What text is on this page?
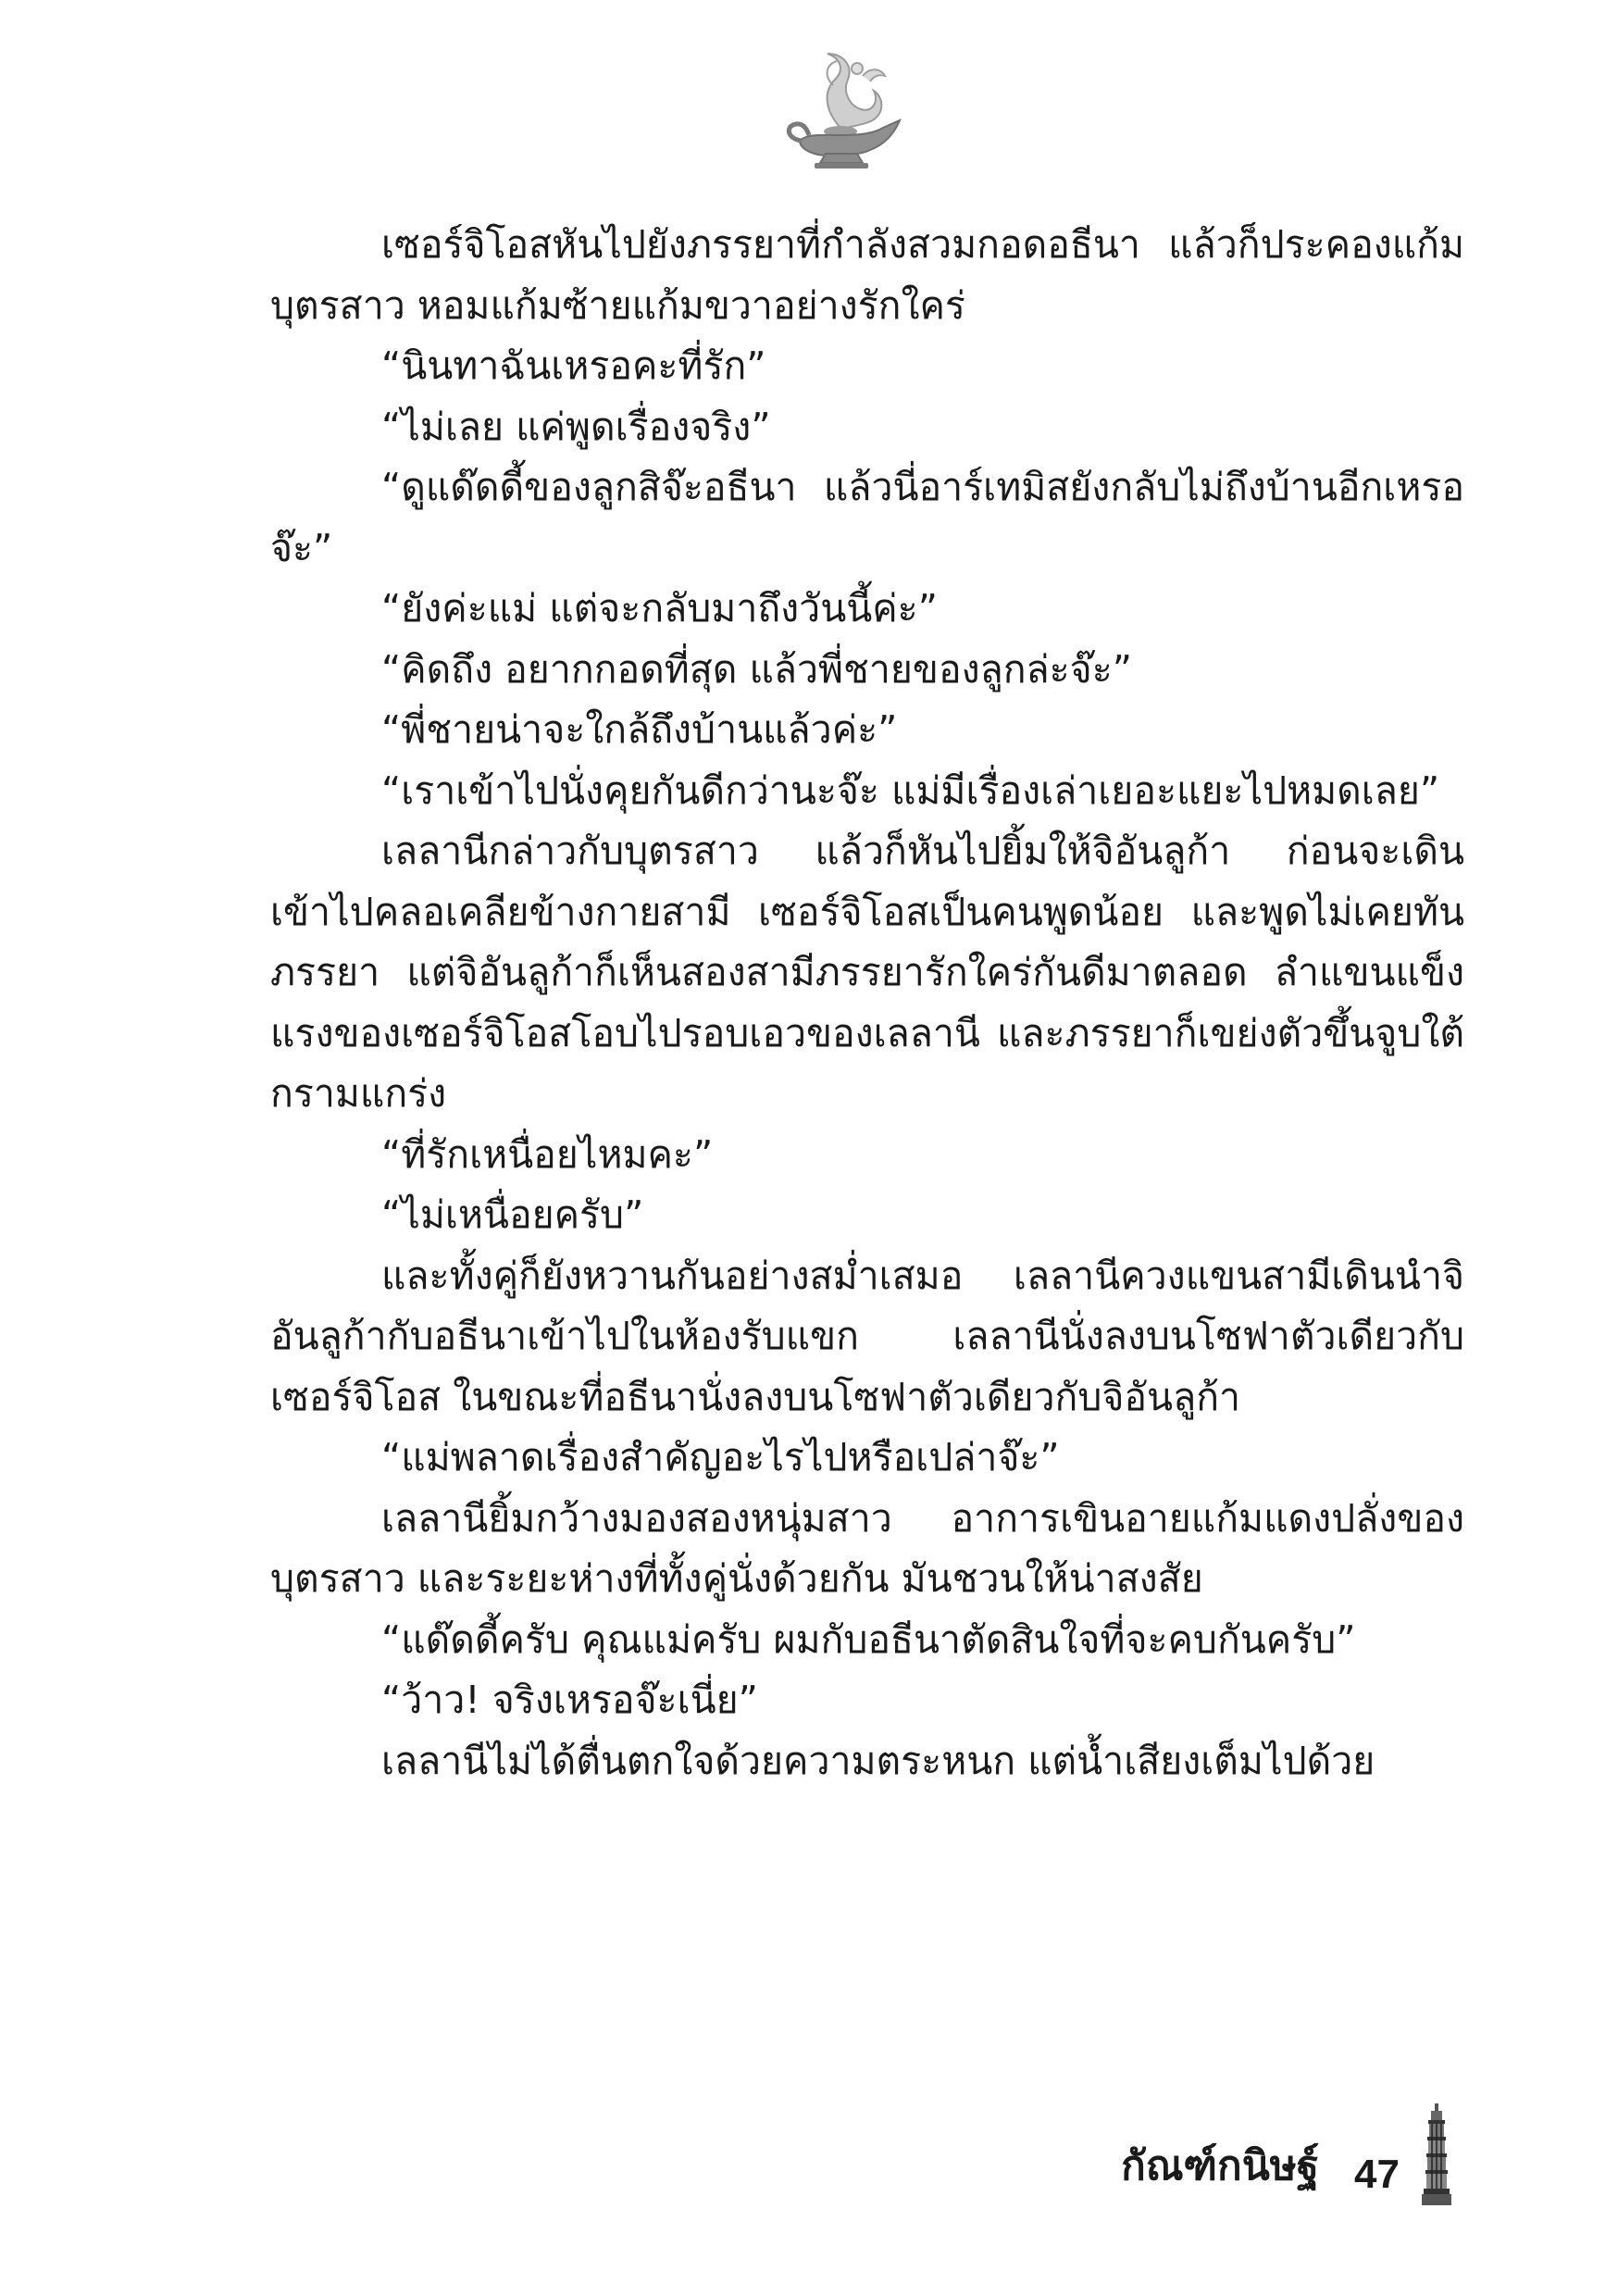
เซอร์จิโอสหันไปยังภรรยาที่กำลังสวมกอดอธีนา แล้วก็ประคองแก้มบุตรสาว หอมแก้มซ้ายแก้มขวาอย่างรักใคร่

“นินทาฉันเหรอคะที่รัก”

“ไม่เลย แค่พูดเรื่องจริง”

“ดูแด๊ดดี้ของลูกสิจ๊ะอธีนา แล้วนี่อาร์เทมิสยังกลับไม่ถึงบ้านอีกเหรอจ๊ะ”

“ยังค่ะแม่ แต่จะกลับมาถึงวันนี้ค่ะ”

“คิดถึง อยากกอดที่สุด แล้วพี่ชายของลูกล่ะจ๊ะ”

“พี่ชายน่าจะใกล้ถึงบ้านแล้วค่ะ”

“เราเข้าไปนั่งคุยกันดีกว่านะจ๊ะ แม่มีเรื่องเล่าเยอะแยะไปหมดเลย”

เลลานีกล่าวกับบุตรสาว แล้วก็หันไปยิ้มให้จิอันลูก้า ก่อนจะเดินเข้าไปคลอเคลียข้างกายสามี เซอร์จิโอสเป็นคนพูดน้อย และพูดไม่เคยทันภรรยา แต่จิอันลูก้าก็เห็นสองสามีภรรยารักใคร่กันดีมาตลอด ลำแขนแข็งแรงของเซอร์จิโอสโอบไปรอบเอวของเลลานี และภรรยาก็เขย่งตัวขึ้นจูบใต้กรามแกร่ง

“ที่รักเหนื่อยไหมคะ”

“ไม่เหนื่อยครับ”

และทั้งคู่ก็ยังหวานกันอย่างสม่ำเสมอ เลลานีควงแขนสามีเดินนำจิอันลูก้ากับอธีนาเข้าไปในห้องรับแขก เลลานีนั่งลงบนโซฟาตัวเดียวกับเซอร์จิโอส ในขณะที่อธีนานั่งลงบนโซฟาตัวเดียวกับจิอันลูก้า

“แม่พลาดเรื่องสำคัญอะไรไปหรือเปล่าจ๊ะ”

เลลานียิ้มกว้างมองสองหนุ่มสาว อาการเขินอายแก้มแดงปลั่งของบุตรสาว และระยะห่างที่ทั้งคู่นั่งด้วยกัน มันชวนให้น่าสงสัย

“แด๊ดดี้ครับ คุณแม่ครับ ผมกับอธีนาตัดสินใจที่จะคบกันครับ”

“ว้าว! จริงเหรอจ๊ะเนี่ย”

เลลานีไม่ได้ตื่นตกใจด้วยความตระหนก แต่น้ำเสียงเต็มไปด้วย

กัณฑ์กนิษฐ์ 47
